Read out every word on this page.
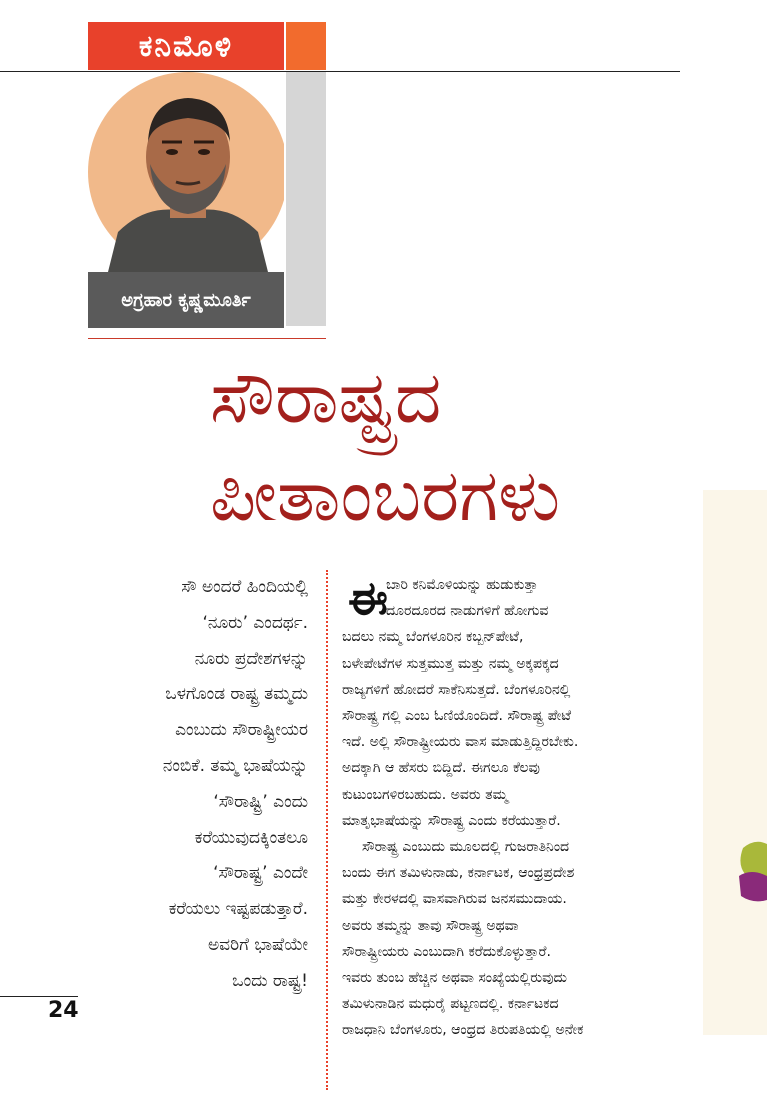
ಕನಿಮೊಳಿ
ಅಗ್ರಹಾರ ಕೃಷ್ಣಮೂರ್ತಿ
ಸೌರಾಷ್ಟ್ರದ
ಪೀತಾಂಬರಗಳು
ಸೌ ಅಂದರೆ ಹಿಂದಿಯಲ್ಲಿ
‘ನೂರು’ ಎಂದರ್ಥ.
ನೂರು ಪ್ರದೇಶಗಳನ್ನು
ಒಳಗೊಂಡ ರಾಷ್ಟ್ರ ತಮ್ಮದು
ಎಂಬುದು ಸೌರಾಷ್ಟ್ರೀಯರ
ನಂಬಿಕೆ. ತಮ್ಮ ಭಾಷೆಯನ್ನು
‘ಸೌರಾಷ್ಟ್ರಿ’ ಎಂದು
ಕರೆಯುವುದಕ್ಕಿಂತಲೂ
‘ಸೌರಾಷ್ಟ್ರ’ ಎಂದೇ
ಕರೆಯಲು ಇಷ್ಟಪಡುತ್ತಾರೆ.
ಅವರಿಗೆ ಭಾಷೆಯೇ
ಒಂದು ರಾಷ್ಟ್ರ!
24
ಈ
ಬಾರಿ ಕನಿಮೊಳಿಯನ್ನು ಹುಡುಕುತ್ತಾ
ದೂರದೂರದ ನಾಡುಗಳಿಗೆ ಹೋಗುವ
ಬದಲು ನಮ್ಮ ಬೆಂಗಳೂರಿನ ಕಬ್ಬನ್‌ಪೇಟೆ,
ಬಳೇಪೇಟೆಗಳ ಸುತ್ತಮುತ್ತ ಮತ್ತು ನಮ್ಮ ಅಕ್ಕಪಕ್ಕದ
ರಾಜ್ಯಗಳಿಗೆ ಹೋದರೆ ಸಾಕೆನಿಸುತ್ತದೆ. ಬೆಂಗಳೂರಿನಲ್ಲಿ
ಸೌರಾಷ್ಟ್ರ ಗಲ್ಲಿ ಎಂಬ ಓಣಿಯೊಂದಿದೆ. ಸೌರಾಷ್ಟ್ರ ಪೇಟೆ
ಇದೆ. ಅಲ್ಲಿ ಸೌರಾಷ್ಟ್ರೀಯರು ವಾಸ ಮಾಡುತ್ತಿದ್ದಿರಬೇಕು.
ಅದಕ್ಕಾಗಿ ಆ ಹೆಸರು ಬಿದ್ದಿದೆ. ಈಗಲೂ ಕೆಲವು
ಕುಟುಂಬಗಳಿರಬಹುದು. ಅವರು ತಮ್ಮ
ಮಾತೃಭಾಷೆಯನ್ನು ಸೌರಾಷ್ಟ್ರ ಎಂದು ಕರೆಯುತ್ತಾರೆ.
ಸೌರಾಷ್ಟ್ರ ಎಂಬುದು ಮೂಲದಲ್ಲಿ ಗುಜರಾತಿನಿಂದ
ಬಂದು ಈಗ ತಮಿಳುನಾಡು, ಕರ್ನಾಟಕ, ಆಂಧ್ರಪ್ರದೇಶ
ಮತ್ತು ಕೇರಳದಲ್ಲಿ ವಾಸವಾಗಿರುವ ಜನಸಮುದಾಯ.
ಅವರು ತಮ್ಮನ್ನು ತಾವು ಸೌರಾಷ್ಟ್ರ ಅಥವಾ
ಸೌರಾಷ್ಟ್ರೀಯರು ಎಂಬುದಾಗಿ ಕರೆದುಕೊಳ್ಳುತ್ತಾರೆ.
ಇವರು ತುಂಬ ಹೆಚ್ಚಿನ ಅಥವಾ ಸಂಖ್ಯೆಯಲ್ಲಿರುವುದು
ತಮಿಳುನಾಡಿನ ಮಧುರೈ ಪಟ್ಟಣದಲ್ಲಿ. ಕರ್ನಾಟಕದ
ರಾಜಧಾನಿ ಬೆಂಗಳೂರು, ಆಂಧ್ರದ ತಿರುಪತಿಯಲ್ಲಿ ಅನೇಕ
